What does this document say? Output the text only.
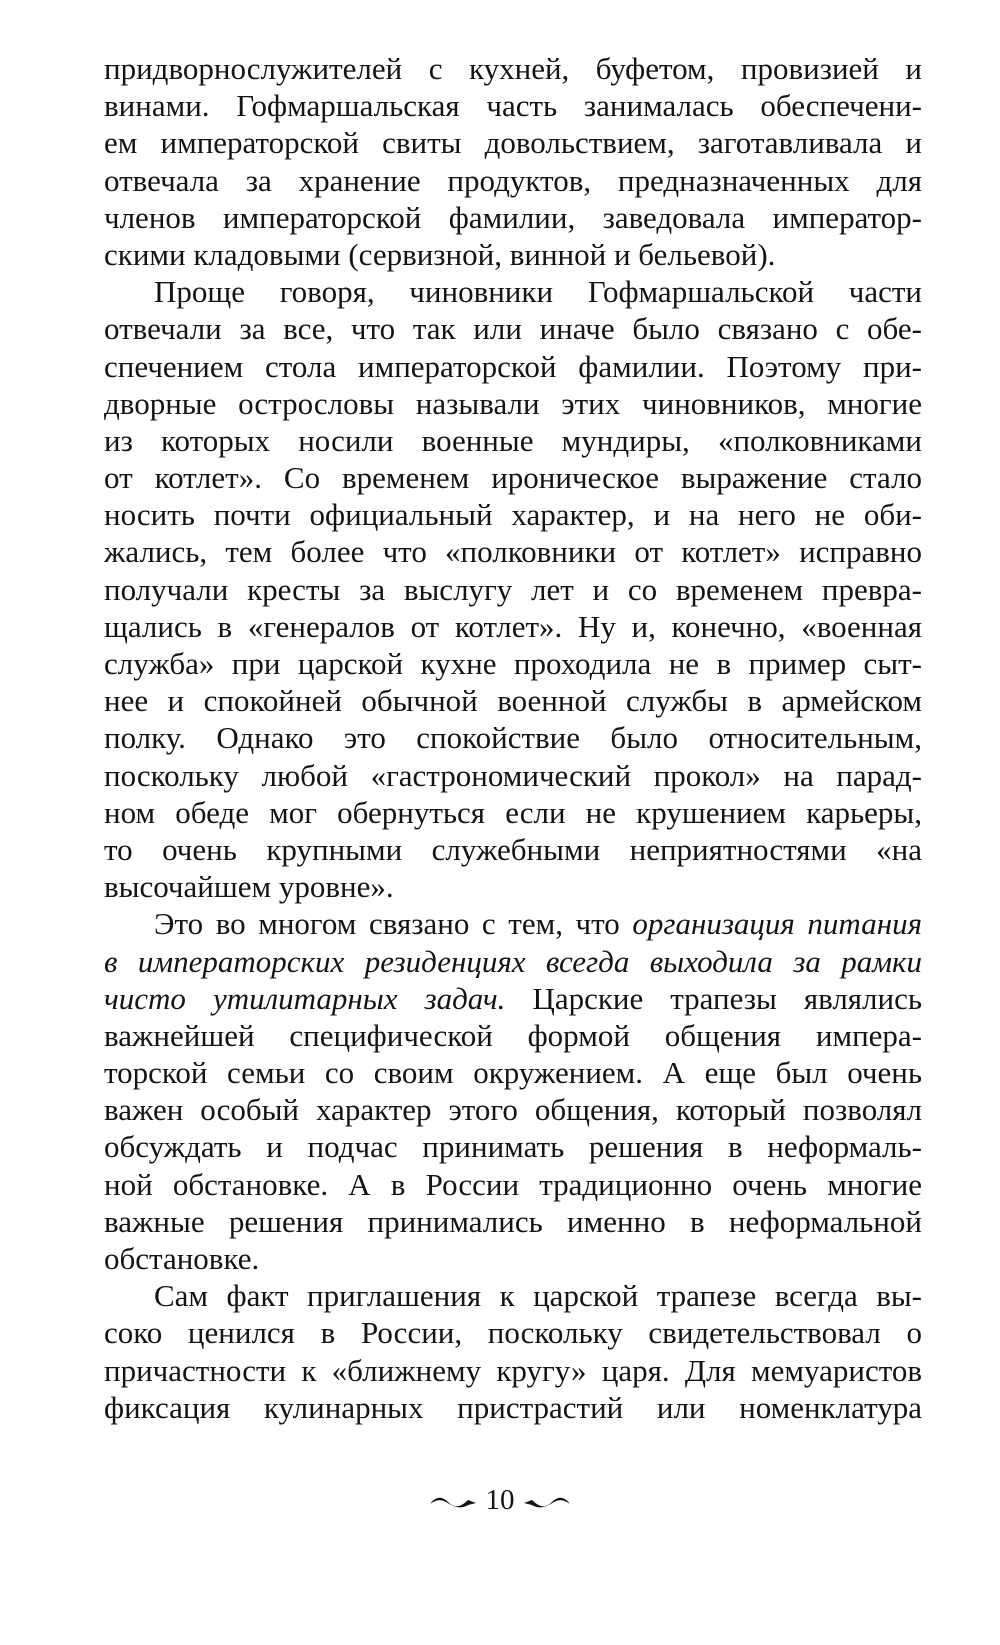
придворнослужителей с кухней, буфетом, провизией и
винами. Гофмаршальская часть занималась обеспечени-
ем императорской свиты довольствием, заготавливала и
отвечала за хранение продуктов, предназначенных для
членов императорской фамилии, заведовала император-
скими кладовыми (сервизной, винной и бельевой).
Проще говоря, чиновники Гофмаршальской части
отвечали за все, что так или иначе было связано с обе-
спечением стола императорской фамилии. Поэтому при-
дворные острословы называли этих чиновников, многие
из которых носили военные мундиры, «полковниками
от котлет». Со временем ироническое выражение стало
носить почти официальный характер, и на него не оби-
жались, тем более что «полковники от котлет» исправно
получали кресты за выслугу лет и со временем превра-
щались в «генералов от котлет». Ну и, конечно, «военная
служба» при царской кухне проходила не в пример сыт-
нее и спокойней обычной военной службы в армейском
полку. Однако это спокойствие было относительным,
поскольку любой «гастрономический прокол» на парад-
ном обеде мог обернуться если не крушением карьеры,
то очень крупными служебными неприятностями «на
высочайшем уровне».
Это во многом связано с тем, что организация питания
в императорских резиденциях всегда выходила за рамки
чисто утилитарных задач. Царские трапезы являлись
важнейшей специфической формой общения импера-
торской семьи со своим окружением. А еще был очень
важен особый характер этого общения, который позволял
обсуждать и подчас принимать решения в неформаль-
ной обстановке. А в России традиционно очень многие
важные решения принимались именно в неформальной
обстановке.
Сам факт приглашения к царской трапезе всегда вы-
соко ценился в России, поскольку свидетельствовал о
причастности к «ближнему кругу» царя. Для мемуаристов
фиксация кулинарных пристрастий или номенклатура
10
